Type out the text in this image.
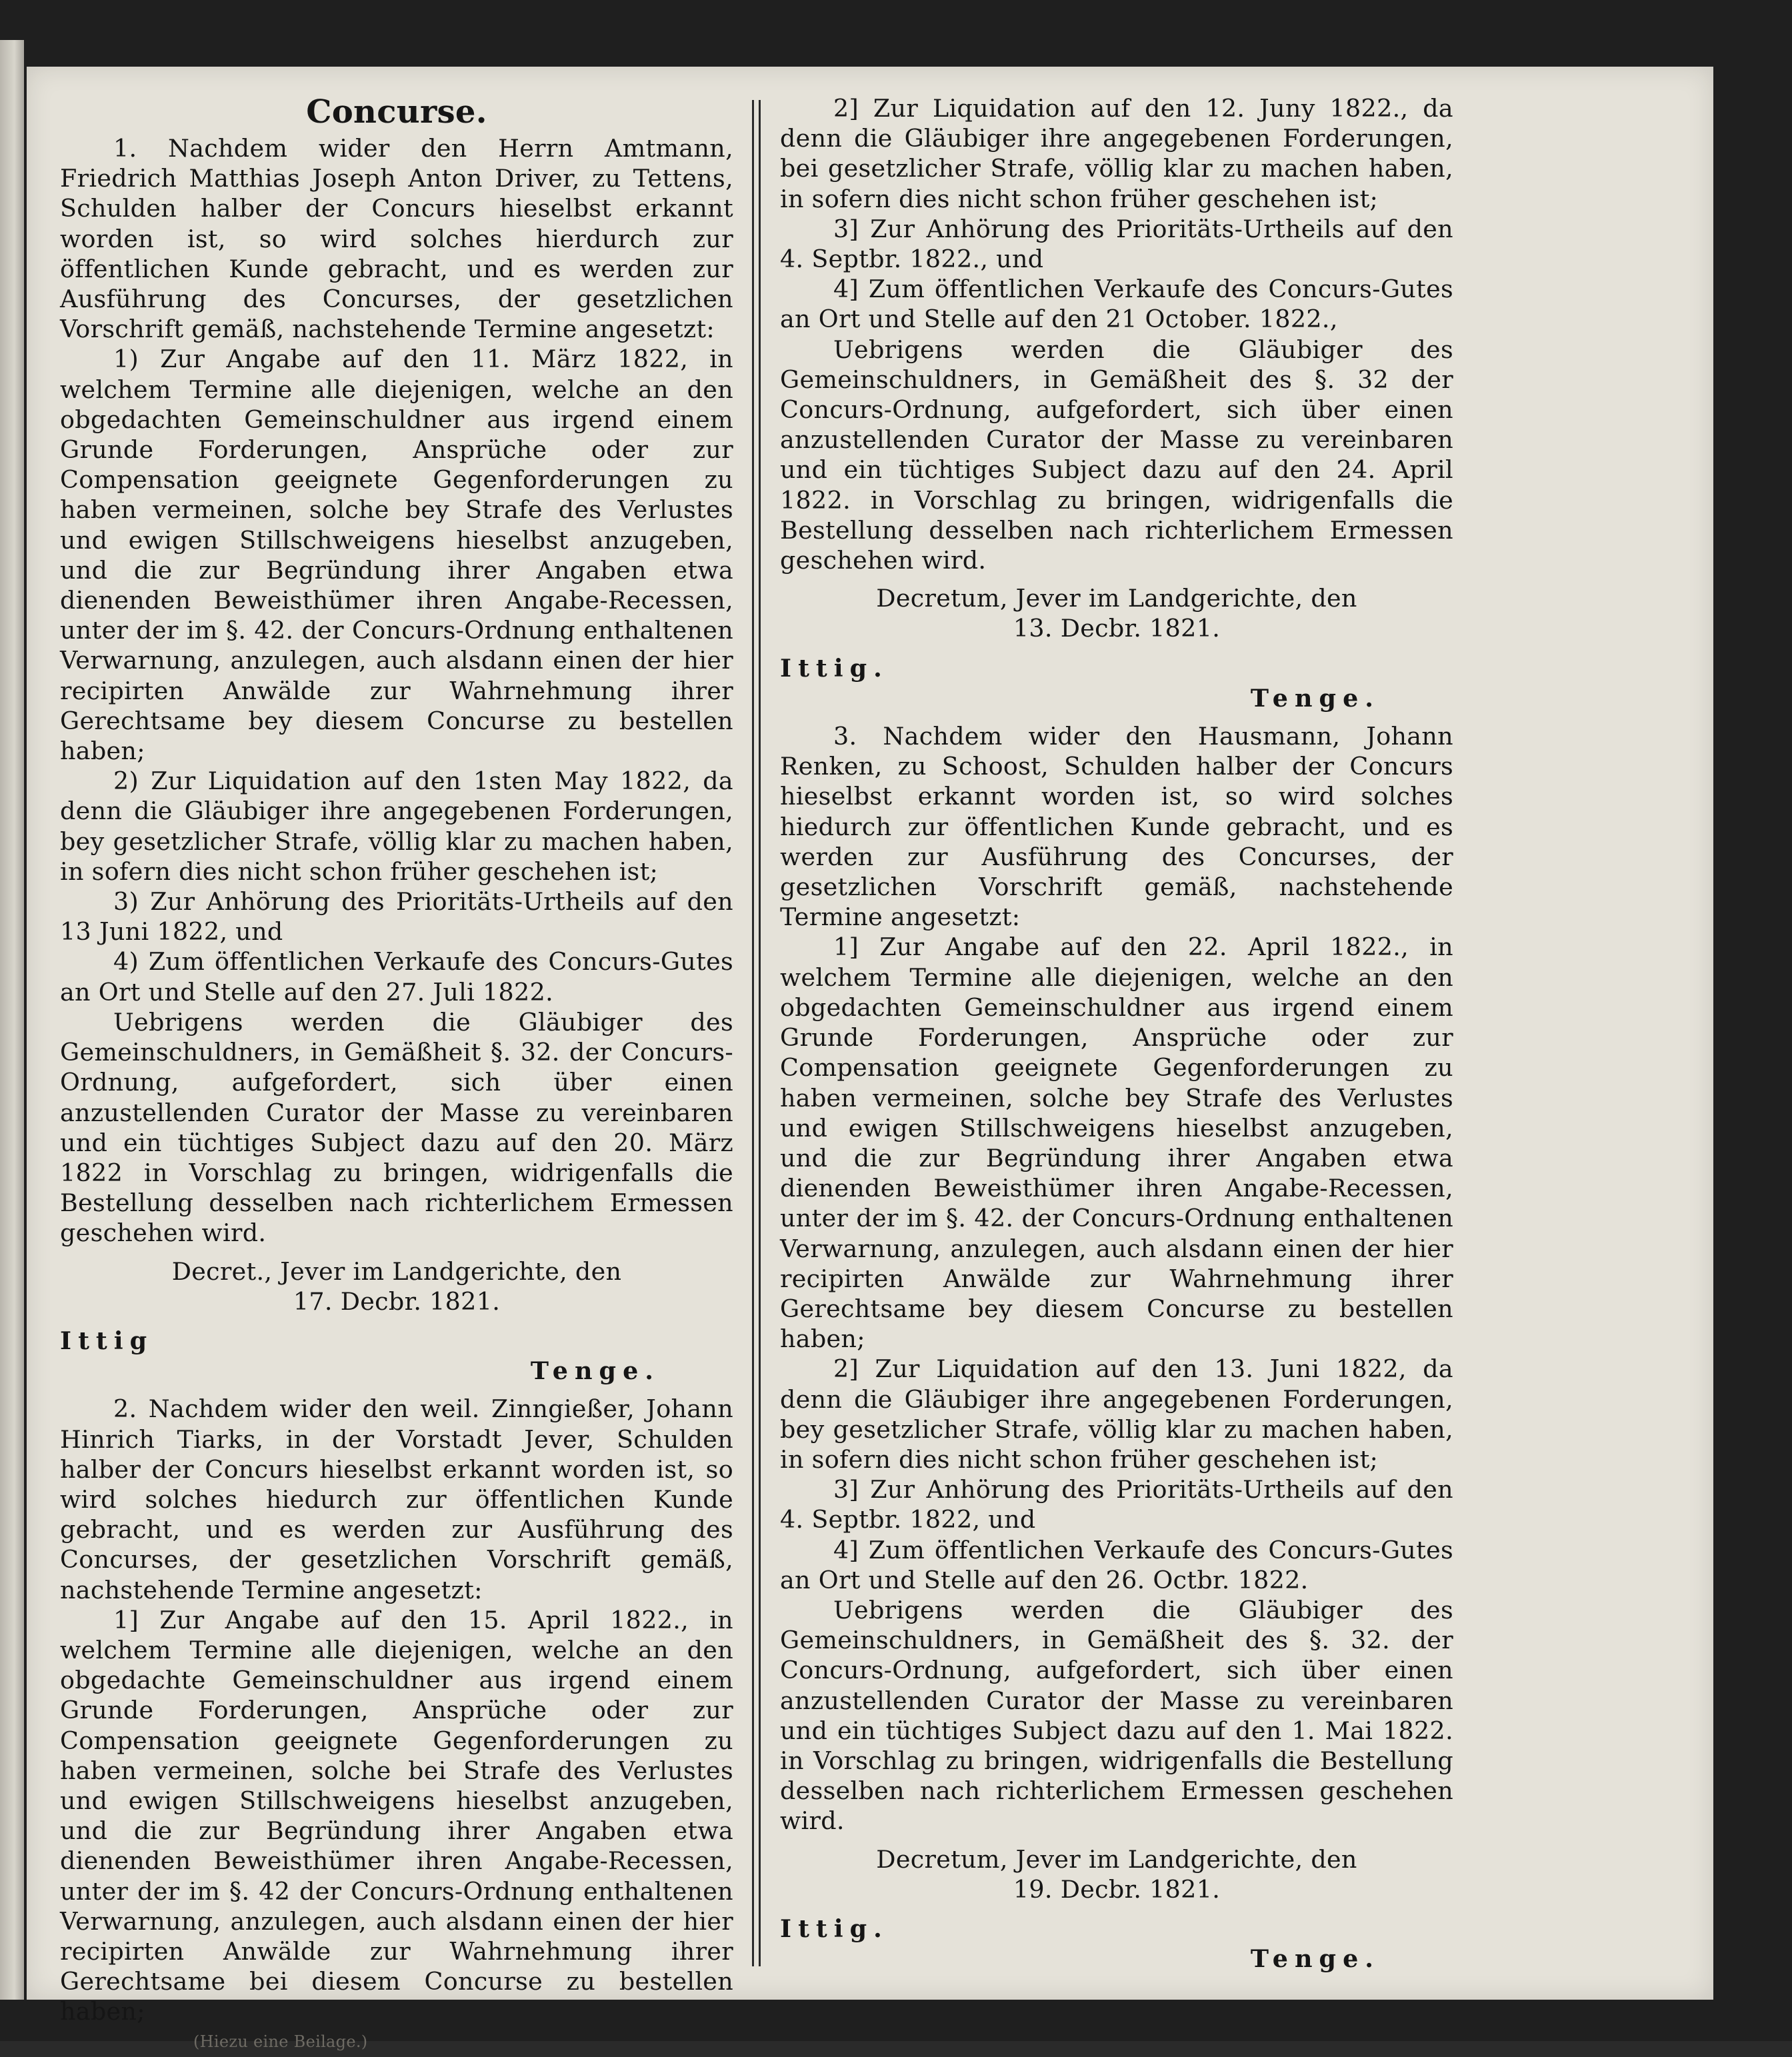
Concurse.

1. Nachdem wider den Herrn Amtmann, Friedrich Matthias Joseph Anton Driver, zu Tettens, Schulden halber der Concurs hieselbst erkannt worden ist, so wird solches hierdurch zur öffentlichen Kunde gebracht, und es werden zur Ausführung des Concurses, der gesetzlichen Vorschrift gemäß, nachstehende Termine angesetzt:

1) Zur Angabe auf den 11. März 1822, in welchem Termine alle diejenigen, welche an den obgedachten Gemeinschuldner aus irgend einem Grunde Forderungen, Ansprüche oder zur Compensation geeignete Gegenforderungen zu haben vermeinen, solche bey Strafe des Verlustes und ewigen Stillschweigens hieselbst anzugeben, und die zur Begründung ihrer Angaben etwa dienenden Beweisthümer ihren Angabe-Recessen, unter der im §. 42. der Concurs-Ordnung enthaltenen Verwarnung, anzulegen, auch alsdann einen der hier recipirten Anwälde zur Wahrnehmung ihrer Gerechtsame bey diesem Concurse zu bestellen haben;

2) Zur Liquidation auf den 1sten May 1822, da denn die Gläubiger ihre angegebenen Forderungen, bey gesetzlicher Strafe, völlig klar zu machen haben, in sofern dies nicht schon früher geschehen ist;

3) Zur Anhörung des Prioritäts-Urtheils auf den 13 Juni 1822, und

4) Zum öffentlichen Verkaufe des Concurs-Gutes an Ort und Stelle auf den 27. Juli 1822.

Uebrigens werden die Gläubiger des Gemeinschuldners, in Gemäßheit §. 32. der Concurs-Ordnung, aufgefordert, sich über einen anzustellenden Curator der Masse zu vereinbaren und ein tüchtiges Subject dazu auf den 20. März 1822 in Vorschlag zu bringen, widrigenfalls die Bestellung desselben nach richterlichem Ermessen geschehen wird.

Decret., Jever im Landgerichte, den
17. Decbr. 1821.
Ittig
Tenge.

2. Nachdem wider den weil. Zinngießer, Johann Hinrich Tiarks, in der Vorstadt Jever, Schulden halber der Concurs hieselbst erkannt worden ist, so wird solches hiedurch zur öffentlichen Kunde gebracht, und es werden zur Ausführung des Concurses, der gesetzlichen Vorschrift gemäß, nachstehende Termine angesetzt:

1] Zur Angabe auf den 15. April 1822., in welchem Termine alle diejenigen, welche an den obgedachte Gemeinschuldner aus irgend einem Grunde Forderungen, Ansprüche oder zur Compensation geeignete Gegenforderungen zu haben vermeinen, solche bei Strafe des Verlustes und ewigen Stillschweigens hieselbst anzugeben, und die zur Begründung ihrer Angaben etwa dienenden Beweisthümer ihren Angabe-Recessen, unter der im §. 42 der Concurs-Ordnung enthaltenen Verwarnung, anzulegen, auch alsdann einen der hier recipirten Anwälde zur Wahrnehmung ihrer Gerechtsame bei diesem Concurse zu bestellen haben;

(Hiezu eine Beilage.)

2] Zur Liquidation auf den 12. Juny 1822., da denn die Gläubiger ihre angegebenen Forderungen, bei gesetzlicher Strafe, völlig klar zu machen haben, in sofern dies nicht schon früher geschehen ist;

3] Zur Anhörung des Prioritäts-Urtheils auf den 4. Septbr. 1822., und

4] Zum öffentlichen Verkaufe des Concurs-Gutes an Ort und Stelle auf den 21 October. 1822.,

Uebrigens werden die Gläubiger des Gemeinschuldners, in Gemäßheit des §. 32 der Concurs-Ordnung, aufgefordert, sich über einen anzustellenden Curator der Masse zu vereinbaren und ein tüchtiges Subject dazu auf den 24. April 1822. in Vorschlag zu bringen, widrigenfalls die Bestellung desselben nach richterlichem Ermessen geschehen wird.

Decretum, Jever im Landgerichte, den
13. Decbr. 1821.
Ittig.
Tenge.

3. Nachdem wider den Hausmann, Johann Renken, zu Schoost, Schulden halber der Concurs hieselbst erkannt worden ist, so wird solches hiedurch zur öffentlichen Kunde gebracht, und es werden zur Ausführung des Concurses, der gesetzlichen Vorschrift gemäß, nachstehende Termine angesetzt:

1] Zur Angabe auf den 22. April 1822., in welchem Termine alle diejenigen, welche an den obgedachten Gemeinschuldner aus irgend einem Grunde Forderungen, Ansprüche oder zur Compensation geeignete Gegenforderungen zu haben vermeinen, solche bey Strafe des Verlustes und ewigen Stillschweigens hieselbst anzugeben, und die zur Begründung ihrer Angaben etwa dienenden Beweisthümer ihren Angabe-Recessen, unter der im §. 42. der Concurs-Ordnung enthaltenen Verwarnung, anzulegen, auch alsdann einen der hier recipirten Anwälde zur Wahrnehmung ihrer Gerechtsame bey diesem Concurse zu bestellen haben;

2] Zur Liquidation auf den 13. Juni 1822, da denn die Gläubiger ihre angegebenen Forderungen, bey gesetzlicher Strafe, völlig klar zu machen haben, in sofern dies nicht schon früher geschehen ist;

3] Zur Anhörung des Prioritäts-Urtheils auf den 4. Septbr. 1822, und

4] Zum öffentlichen Verkaufe des Concurs-Gutes an Ort und Stelle auf den 26. Octbr. 1822.

Uebrigens werden die Gläubiger des Gemeinschuldners, in Gemäßheit des §. 32. der Concurs-Ordnung, aufgefordert, sich über einen anzustellenden Curator der Masse zu vereinbaren und ein tüchtiges Subject dazu auf den 1. Mai 1822. in Vorschlag zu bringen, widrigenfalls die Bestellung desselben nach richterlichem Ermessen geschehen wird.

Decretum, Jever im Landgerichte, den
19. Decbr. 1821.
Ittig.
Tenge.
